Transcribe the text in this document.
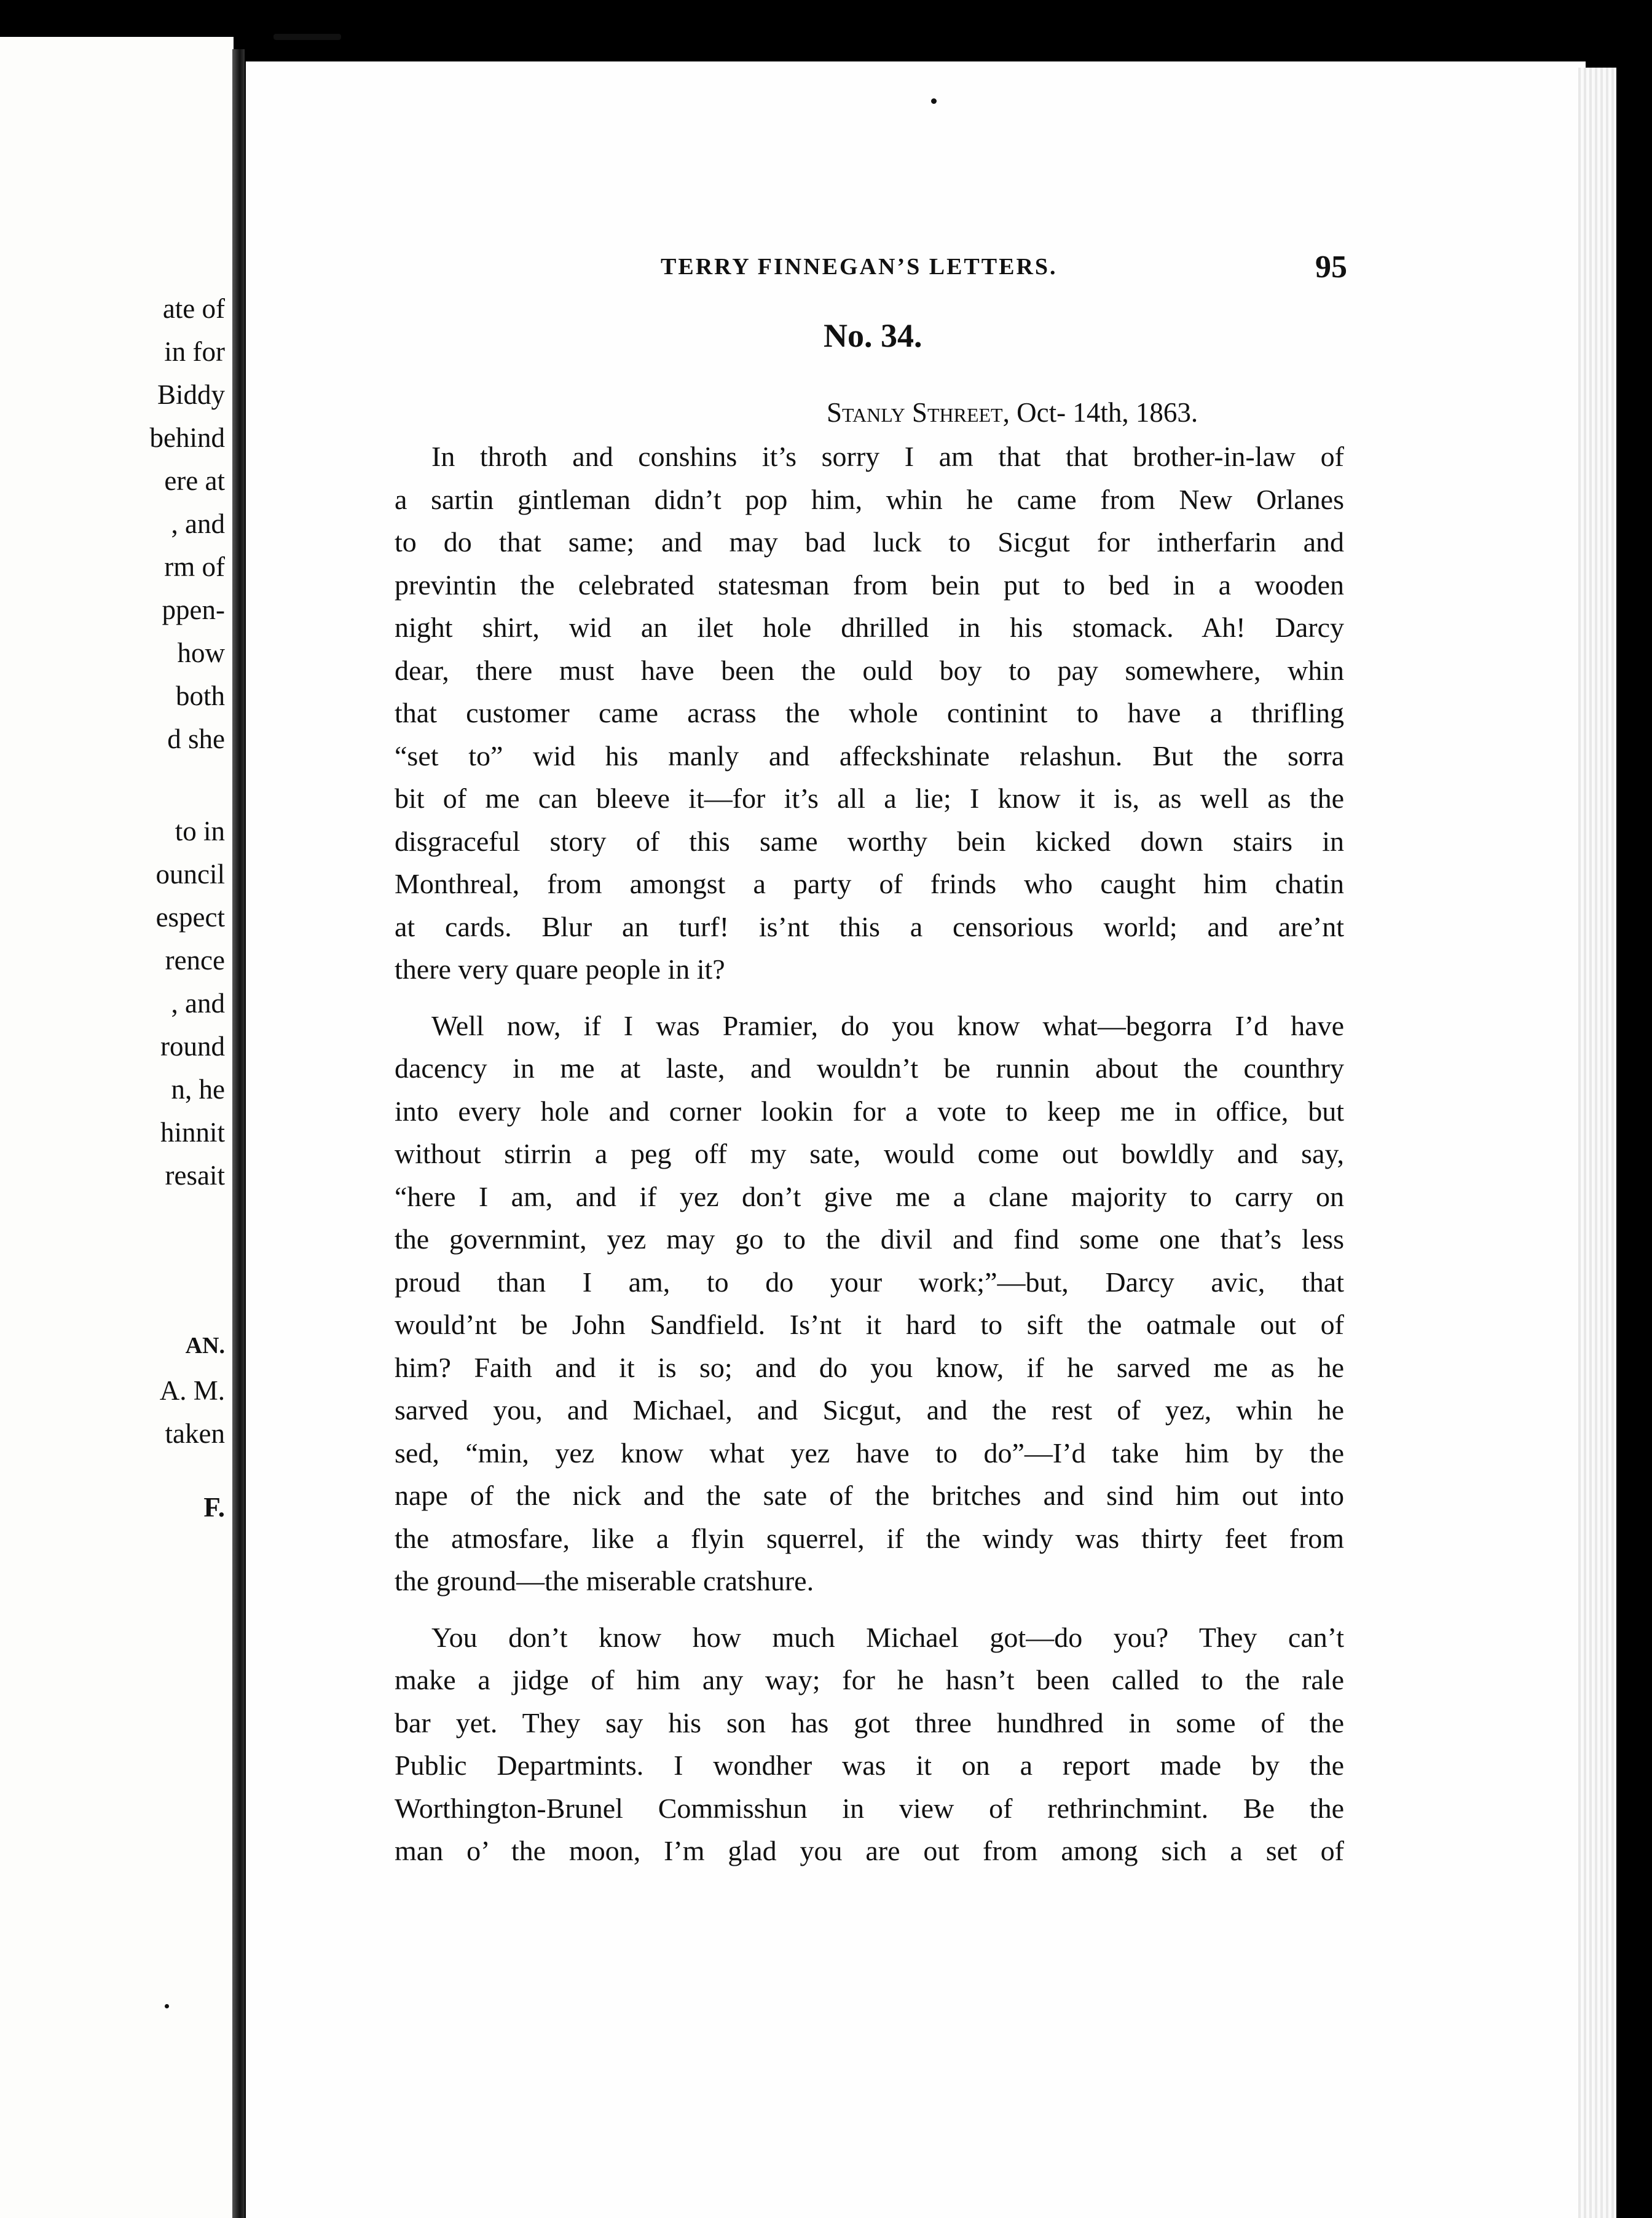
ate of
in for
Biddy
behind
ere at
, and
rm of
ppen-
how
both
d she
to in
ouncil
espect
rence
, and
round
n, he
hinnit
resait
AN.
A. M.
taken
F.
TERRY FINNEGAN’S LETTERS.	95
No. 34.
Stanly Sthreet, Oct- 14th, 1863.
In throth and conshins it’s sorry I am that that brother-in-law of
a sartin gintleman didn’t pop him, whin he came from New Orlanes
to do that same; and may bad luck to Sicgut for intherfarin and
previntin the celebrated statesman from bein put to bed in a wooden
night shirt, wid an ilet hole dhrilled in his stomack. Ah! Darcy
dear, there must have been the ould boy to pay somewhere, whin
that customer came acrass the whole continint to have a thrifling
“set to” wid his manly and affeckshinate relashun. But the sorra
bit of me can bleeve it—for it’s all a lie; I know it is, as well as the
disgraceful story of this same worthy bein kicked down stairs in
Monthreal, from amongst a party of frinds who caught him chatin
at cards. Blur an turf! is’nt this a censorious world; and are’nt
there very quare people in it?
Well now, if I was Pramier, do you know what—begorra I’d have
dacency in me at laste, and wouldn’t be runnin about the counthry
into every hole and corner lookin for a vote to keep me in office, but
without stirrin a peg off my sate, would come out bowldly and say,
“here I am, and if yez don’t give me a clane majority to carry on
the governmint, yez may go to the divil and find some one that’s less
proud than I am, to do your work;”—but, Darcy avic, that
would’nt be John Sandfield. Is’nt it hard to sift the oatmale out of
him? Faith and it is so; and do you know, if he sarved me as he
sarved you, and Michael, and Sicgut, and the rest of yez, whin he
sed, “min, yez know what yez have to do”—I’d take him by the
nape of the nick and the sate of the britches and sind him out into
the atmosfare, like a flyin squerrel, if the windy was thirty feet from
the ground—the miserable cratshure.
You don’t know how much Michael got—do you? They can’t
make a jidge of him any way; for he hasn’t been called to the rale
bar yet. They say his son has got three hundhred in some of the
Public Departmints. I wondher was it on a report made by the
Worthington-Brunel Commisshun in view of rethrinchmint. Be the
man o’ the moon, I’m glad you are out from among sich a set of
